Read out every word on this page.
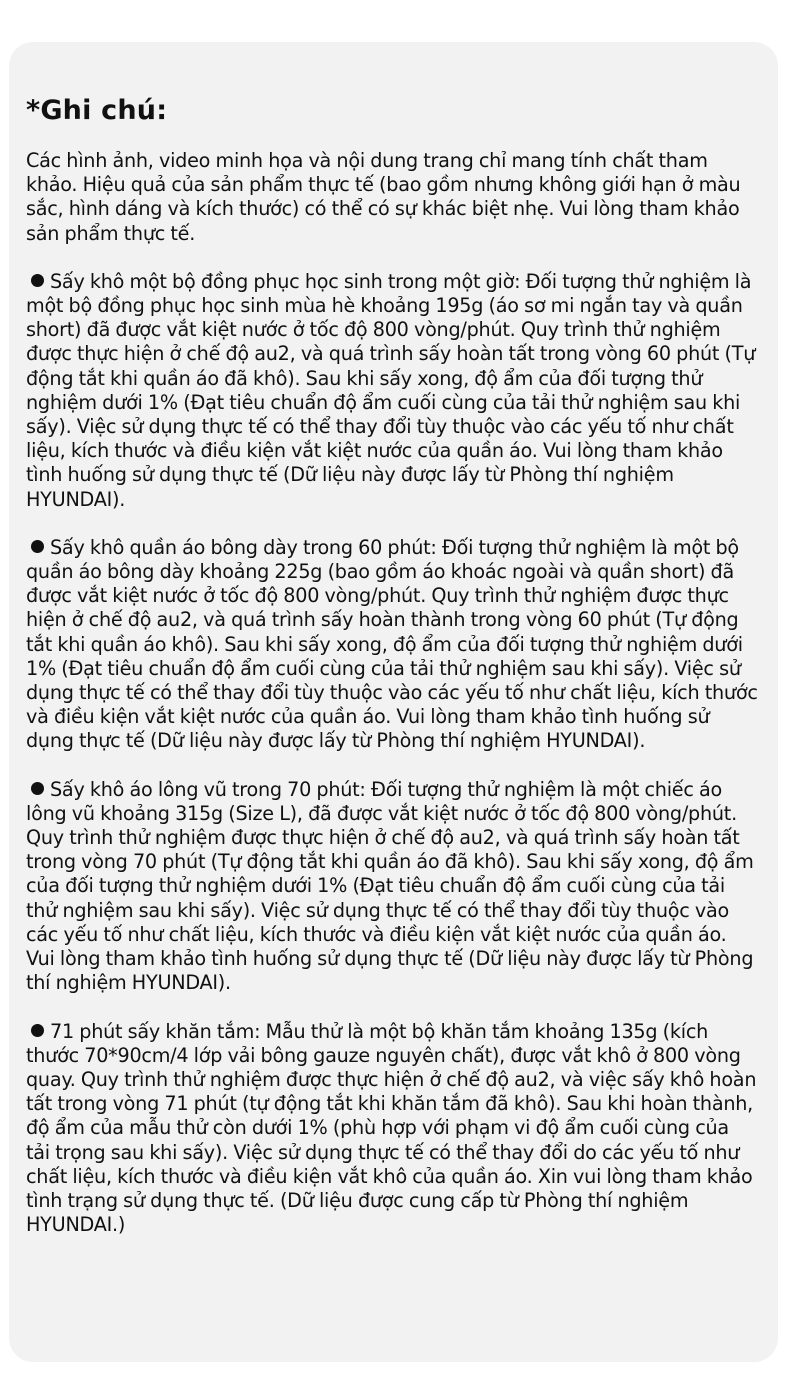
*Ghi chú:

Các hình ảnh, video minh họa và nội dung trang chỉ mang tính chất tham khảo. Hiệu quả của sản phẩm thực tế (bao gồm nhưng không giới hạn ở màu sắc, hình dáng và kích thước) có thể có sự khác biệt nhẹ. Vui lòng tham khảo sản phẩm thực tế.

Sấy khô một bộ đồng phục học sinh trong một giờ: Đối tượng thử nghiệm là một bộ đồng phục học sinh mùa hè khoảng 195g (áo sơ mi ngắn tay và quần short) đã được vắt kiệt nước ở tốc độ 800 vòng/phút. Quy trình thử nghiệm được thực hiện ở chế độ au2, và quá trình sấy hoàn tất trong vòng 60 phút (Tự động tắt khi quần áo đã khô). Sau khi sấy xong, độ ẩm của đối tượng thử nghiệm dưới 1% (Đạt tiêu chuẩn độ ẩm cuối cùng của tải thử nghiệm sau khi sấy). Việc sử dụng thực tế có thể thay đổi tùy thuộc vào các yếu tố như chất liệu, kích thước và điều kiện vắt kiệt nước của quần áo. Vui lòng tham khảo tình huống sử dụng thực tế (Dữ liệu này được lấy từ Phòng thí nghiệm HYUNDAI).

Sấy khô quần áo bông dày trong 60 phút: Đối tượng thử nghiệm là một bộ quần áo bông dày khoảng 225g (bao gồm áo khoác ngoài và quần short) đã được vắt kiệt nước ở tốc độ 800 vòng/phút. Quy trình thử nghiệm được thực hiện ở chế độ au2, và quá trình sấy hoàn thành trong vòng 60 phút (Tự động tắt khi quần áo khô). Sau khi sấy xong, độ ẩm của đối tượng thử nghiệm dưới 1% (Đạt tiêu chuẩn độ ẩm cuối cùng của tải thử nghiệm sau khi sấy). Việc sử dụng thực tế có thể thay đổi tùy thuộc vào các yếu tố như chất liệu, kích thước và điều kiện vắt kiệt nước của quần áo. Vui lòng tham khảo tình huống sử dụng thực tế (Dữ liệu này được lấy từ Phòng thí nghiệm HYUNDAI).

Sấy khô áo lông vũ trong 70 phút: Đối tượng thử nghiệm là một chiếc áo lông vũ khoảng 315g (Size L), đã được vắt kiệt nước ở tốc độ 800 vòng/phút. Quy trình thử nghiệm được thực hiện ở chế độ au2, và quá trình sấy hoàn tất trong vòng 70 phút (Tự động tắt khi quần áo đã khô). Sau khi sấy xong, độ ẩm của đối tượng thử nghiệm dưới 1% (Đạt tiêu chuẩn độ ẩm cuối cùng của tải thử nghiệm sau khi sấy). Việc sử dụng thực tế có thể thay đổi tùy thuộc vào các yếu tố như chất liệu, kích thước và điều kiện vắt kiệt nước của quần áo. Vui lòng tham khảo tình huống sử dụng thực tế (Dữ liệu này được lấy từ Phòng thí nghiệm HYUNDAI).

71 phút sấy khăn tắm: Mẫu thử là một bộ khăn tắm khoảng 135g (kích thước 70*90cm/4 lớp vải bông gauze nguyên chất), được vắt khô ở 800 vòng quay. Quy trình thử nghiệm được thực hiện ở chế độ au2, và việc sấy khô hoàn tất trong vòng 71 phút (tự động tắt khi khăn tắm đã khô). Sau khi hoàn thành, độ ẩm của mẫu thử còn dưới 1% (phù hợp với phạm vi độ ẩm cuối cùng của tải trọng sau khi sấy). Việc sử dụng thực tế có thể thay đổi do các yếu tố như chất liệu, kích thước và điều kiện vắt khô của quần áo. Xin vui lòng tham khảo tình trạng sử dụng thực tế. (Dữ liệu được cung cấp từ Phòng thí nghiệm HYUNDAI.)
